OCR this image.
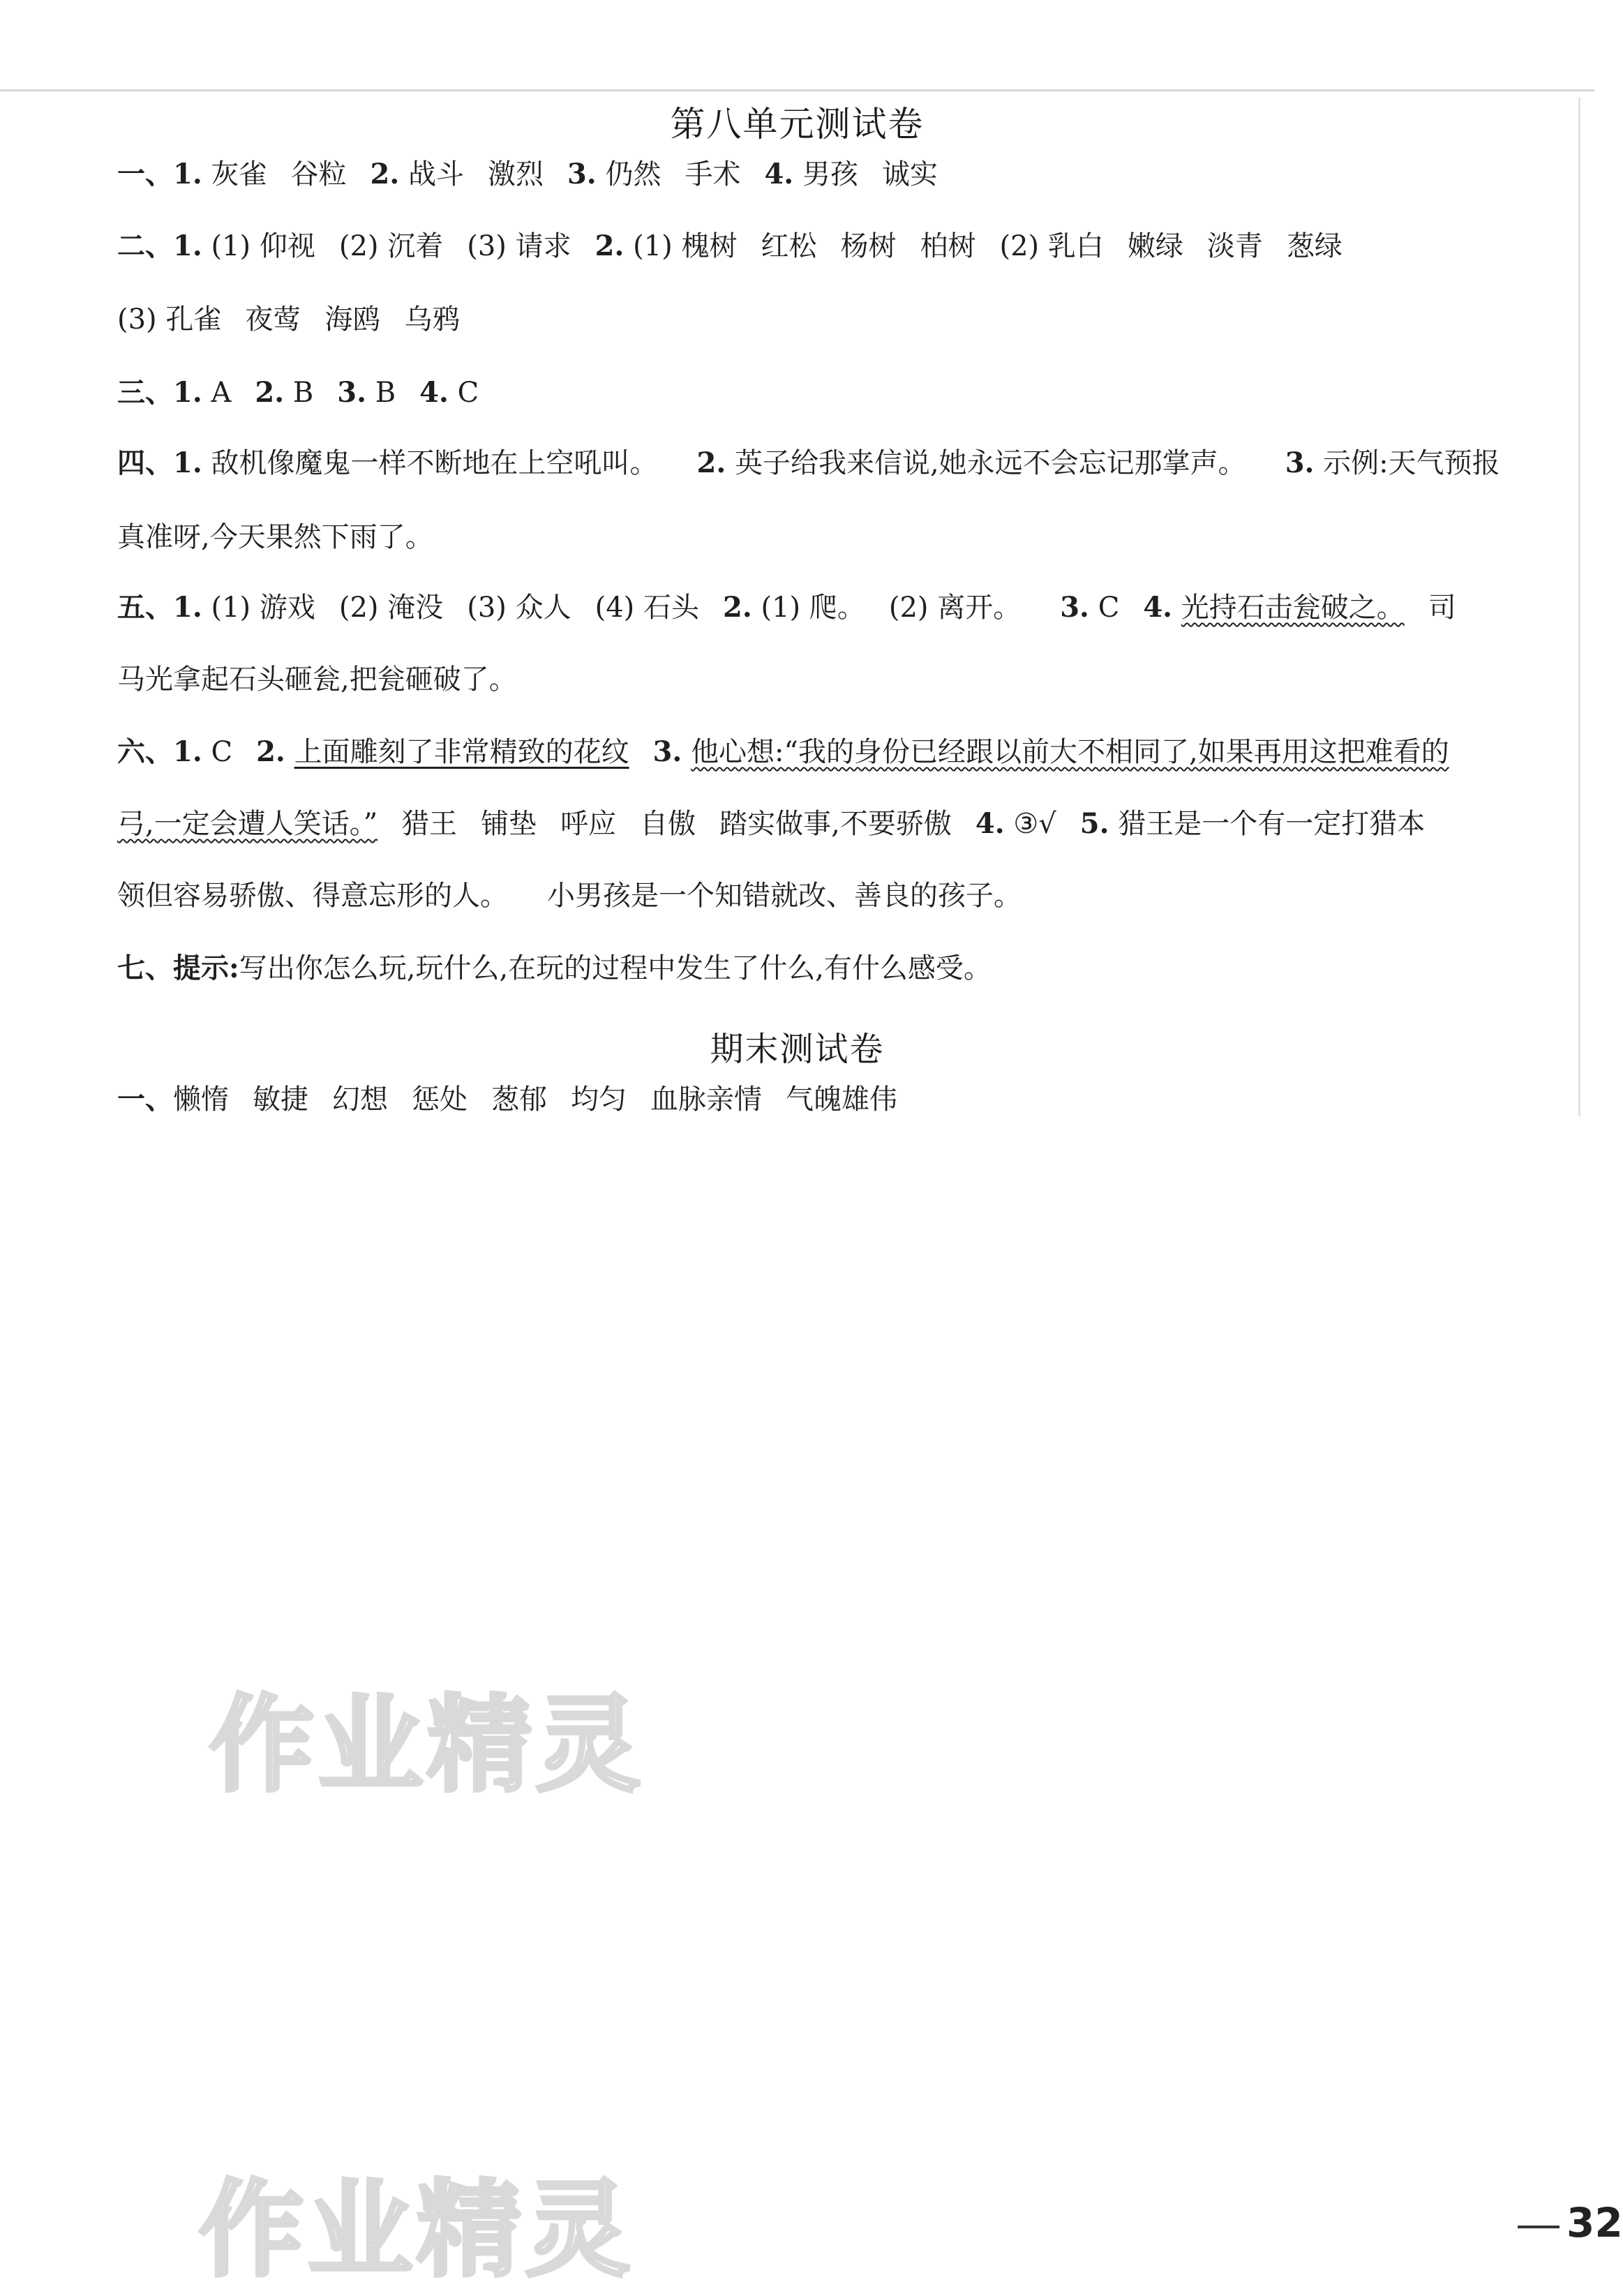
第八单元测试卷
一、1. 灰雀 谷粒 2. 战斗 激烈 3. 仍然 手术 4. 男孩 诚实
二、1. (1) 仰视 (2) 沉着 (3) 请求 2. (1) 槐树 红松 杨树 柏树 (2) 乳白 嫩绿 淡青 葱绿
(3) 孔雀 夜莺 海鸥 乌鸦
三、1. A 2. B 3. B 4. C
四、1. 敌机像魔鬼一样不断地在上空吼叫。 2. 英子给我来信说,她永远不会忘记那掌声。 3. 示例:天气预报
真准呀,今天果然下雨了。
五、1. (1) 游戏 (2) 淹没 (3) 众人 (4) 石头 2. (1) 爬。 (2) 离开。 3. C 4. 光持石击瓮破之。 司
马光拿起石头砸瓮,把瓮砸破了。
六、1. C 2. 上面雕刻了非常精致的花纹 3. 他心想:“我的身份已经跟以前大不相同了,如果再用这把难看的
弓,一定会遭人笑话。” 猎王 铺垫 呼应 自傲 踏实做事,不要骄傲 4. ③√ 5. 猎王是一个有一定打猎本
领但容易骄傲、得意忘形的人。 小男孩是一个知错就改、善良的孩子。
七、提示:写出你怎么玩,玩什么,在玩的过程中发生了什么,有什么感受。
期末测试卷
一、懒惰 敏捷 幻想 惩处 葱郁 均匀 血脉亲情 气魄雄伟
作业精灵
作业精灵	32
